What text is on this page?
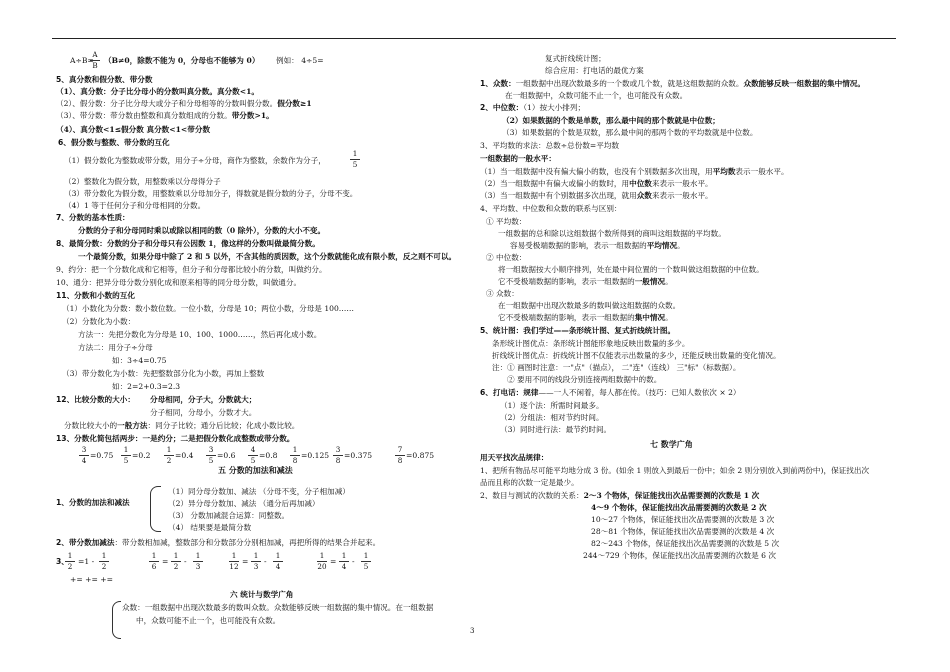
A÷B=
A
B
（B≠0，除数不能为 0，分母也不能够为 0） 例如： 4÷5=
5、真分数和假分数、带分数
（1）、真分数：分子比分母小的分数叫真分数。真分数<1。
（2）、假分数：分子比分母大或分子和分母相等的分数叫假分数。假分数≥1
（3）、带分数：带分数由整数和真分数组成的分数。带分数>1。
（4）、真分数<1≤假分数 真分数<1<带分数
6、假分数与整数、带分数的互化
（1）假分数化为整数或带分数，用分子÷分母，商作为整数，余数作为分子，
1
5
（2）整数化为假分数，用整数乘以分母得分子
（3）带分数化为假分数，用整数乘以分母加分子，得数就是假分数的分子，分母不变。
（4）1 等于任何分子和分母相同的分数。
7、分数的基本性质：
分数的分子和分母同时乘以或除以相同的数（0 除外），分数的大小不变。
8、最简分数：分数的分子和分母只有公因数 1，像这样的分数叫做最简分数。
一个最简分数，如果分母中除了 2 和 5 以外，不含其他的质因数，这个分数就能化成有限小数，反之则不可以。
9、约分：把一个分数化成和它相等，但分子和分母都比较小的分数，叫做约分。
10、通分：把异分母分数分别化成和原来相等的同分母分数，叫做通分。
11、分数和小数的互化
（1）小数化为分数：数小数位数。一位小数，分母是 10；两位小数，分母是 100……
（2）分数化为小数：
方法一：先把分数化为分母是 10、100、1000……，然后再化成小数。
方法二：用分子÷分母
如：3÷4=0.75
（3）带分数化为小数：先把整数部分化为小数，再加上整数
如：2=2+0.3=2.3
12、比较分数的大小： 分母相同，分子大，分数就大；
分子相同，分母小，分数才大。
分数比较大小的一般方法：同分子比较；通分后比较；化成小数比较。
13、分数化简包括两步：一是约分；二是把假分数化成整数或带分数。
3
4
=0.75
1
5
=0.2
1
2
=0.4
3
5
=0.6
4
5
=0.8
1
8
=0.125
3
8
=0.375
7
8
=0.875
五 分数的加法和减法
1、分数的加法和减法
（1）同分母分数加、减法 （分母不变，分子相加减）
（2）异分母分数加、减法 （通分后再加减）
（3） 分数加减混合运算：同整数。
（4） 结果要是最简分数
2、带分数加减法：带分数相加减，整数部分和分数部分分别相加减，再把所得的结果合并起来。
3、
1
2
=1 -
1
2
1
6
=
1
2
-
1
3
1
12
=
1
3
-
1
4
1
20
=
1
4
-
1
5
+= += +=
六 统计与数学广角
众数：一组数据中出现次数最多的数叫众数。众数能够反映一组数据的集中情况。在一组数据
中，众数可能不止一个，也可能没有众数。
复式折线统计图；
综合应用：打电话的最优方案
1、众数：一组数据中出现次数最多的一个数或几个数，就是这组数据的众数。众数能够反映一组数据的集中情况。
在一组数据中，众数可能不止一个，也可能没有众数。
2、中位数：（1）按大小排列；
（2）如果数据的个数是单数，那么最中间的那个数就是中位数；
（3）如果数据的个数是双数，那么最中间的那两个数的平均数就是中位数。
3、平均数的求法：总数÷总份数=平均数
一组数据的一般水平：
（1）当一组数据中没有偏大偏小的数，也没有个别数据多次出现，用平均数表示一般水平。
（2）当一组数据中有偏大或偏小的数时，用中位数来表示一般水平。
（3）当一组数据中有个别数据多次出现，就用众数来表示一般水平。
4、平均数、中位数和众数的联系与区别：
① 平均数：
一组数据的总和除以这组数据个数所得到的商叫这组数据的平均数。
容易受极端数据的影响，表示一组数据的平均情况。
② 中位数：
将一组数据按大小顺序排列，处在最中间位置的一个数叫做这组数据的中位数。
它不受极端数据的影响，表示一组数据的一般情况。
③ 众数：
在一组数据中出现次数最多的数叫做这组数据的众数。
它不受极端数据的影响，表示一组数据的集中情况。
5、统计图：我们学过——条形统计图、复式折线统计图。
条形统计图优点：条形统计图能形象地反映出数量的多少。
折线统计图优点：折线统计图不仅能表示出数量的多少，还能反映出数量的变化情况。
注：① 画图时注意：一"点"（描点）， 二"连"（连线） 三"标"（标数据）。
② 要用不同的线段分别连接两组数据中的数。
6、打电话：规律——一人不闲着，每人都在传。（技巧：已知人数依次 × 2）
（1）逐个法：所需时间最多。
（2）分组法：相对节约时间。
（3）同时进行法：最节约时间。
七 数学广角
用天平找次品规律：
1、把所有物品尽可能平均地分成 3 份。(如余 1 则放入到最后一份中；如余 2 则分别放入到前两份中)，保证找出次
品而且称的次数一定是最少。
2、数目与测试的次数的关系：2～3 个物体，保证能找出次品需要测的次数是 1 次
4～9 个物体，保证能找出次品需要测的次数是 2 次
10～27 个物体，保证能找出次品需要测的次数是 3 次
28～81 个物体，保证能找出次品需要测的次数是 4 次
82～243 个物体，保证能找出次品需要测的次数是 5 次
244～729 个物体，保证能找出次品需要测的次数是 6 次
3
